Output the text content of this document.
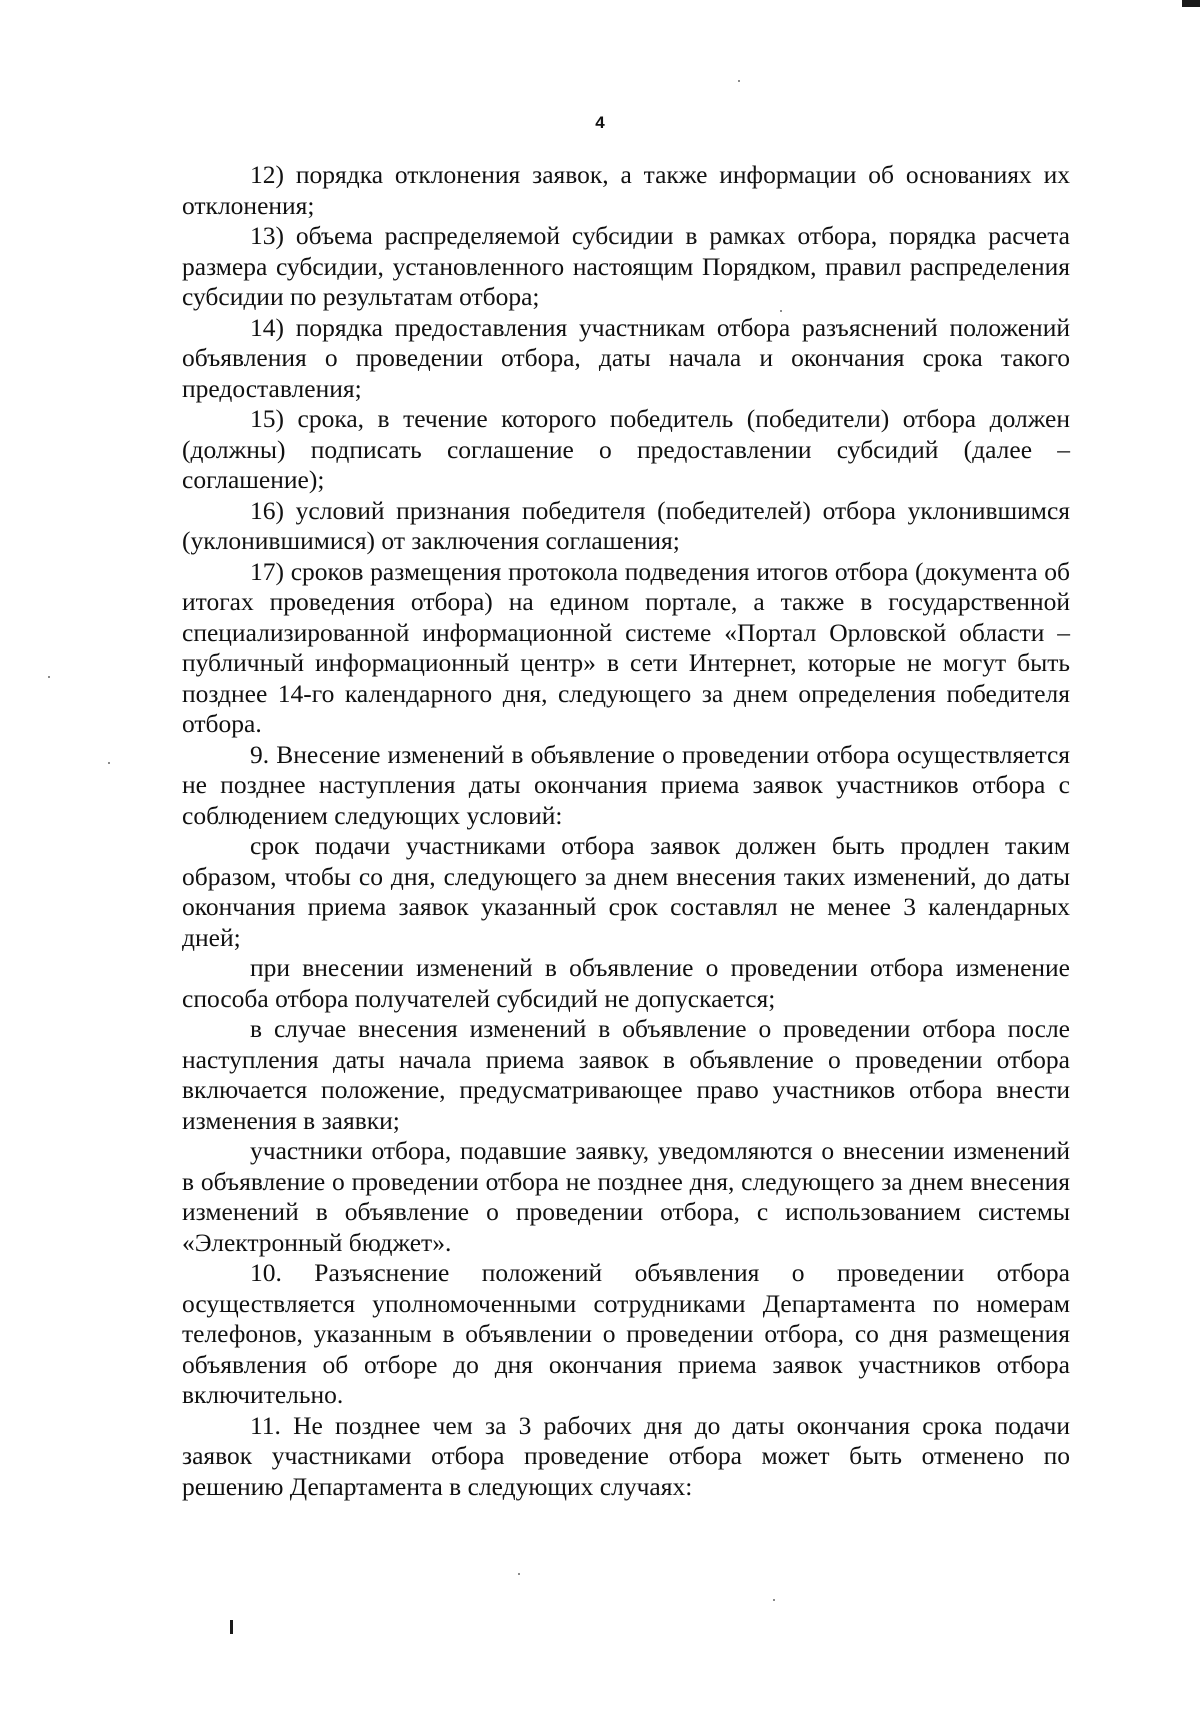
4

12) порядка отклонения заявок, а также информации об основаниях их отклонения;

13) объема распределяемой субсидии в рамках отбора, порядка расчета размера субсидии, установленного настоящим Порядком, правил распределения субсидии по результатам отбора;

14) порядка предоставления участникам отбора разъяснений положений объявления о проведении отбора, даты начала и окончания срока такого предоставления;

15) срока, в течение которого победитель (победители) отбора должен (должны) подписать соглашение о предоставлении субсидий (далее – соглашение);

16) условий признания победителя (победителей) отбора уклонившимся (уклонившимися) от заключения соглашения;

17) сроков размещения протокола подведения итогов отбора (документа об итогах проведения отбора) на едином портале, а также в государственной специализированной информационной системе «Портал Орловской области – публичный информационный центр» в сети Интернет, которые не могут быть позднее 14-го календарного дня, следующего за днем определения победителя отбора.

9. Внесение изменений в объявление о проведении отбора осуществляется не позднее наступления даты окончания приема заявок участников отбора с соблюдением следующих условий:

срок подачи участниками отбора заявок должен быть продлен таким образом, чтобы со дня, следующего за днем внесения таких изменений, до даты окончания приема заявок указанный срок составлял не менее 3 календарных дней;

при внесении изменений в объявление о проведении отбора изменение способа отбора получателей субсидий не допускается;

в случае внесения изменений в объявление о проведении отбора после наступления даты начала приема заявок в объявление о проведении отбора включается положение, предусматривающее право участников отбора внести изменения в заявки;

участники отбора, подавшие заявку, уведомляются о внесении изменений в объявление о проведении отбора не позднее дня, следующего за днем внесения изменений в объявление о проведении отбора, с использованием системы «Электронный бюджет».

10. Разъяснение положений объявления о проведении отбора осуществляется уполномоченными сотрудниками Департамента по номерам телефонов, указанным в объявлении о проведении отбора, со дня размещения объявления об отборе до дня окончания приема заявок участников отбора включительно.

11. Не позднее чем за 3 рабочих дня до даты окончания срока подачи заявок участниками отбора проведение отбора может быть отменено по решению Департамента в следующих случаях:
